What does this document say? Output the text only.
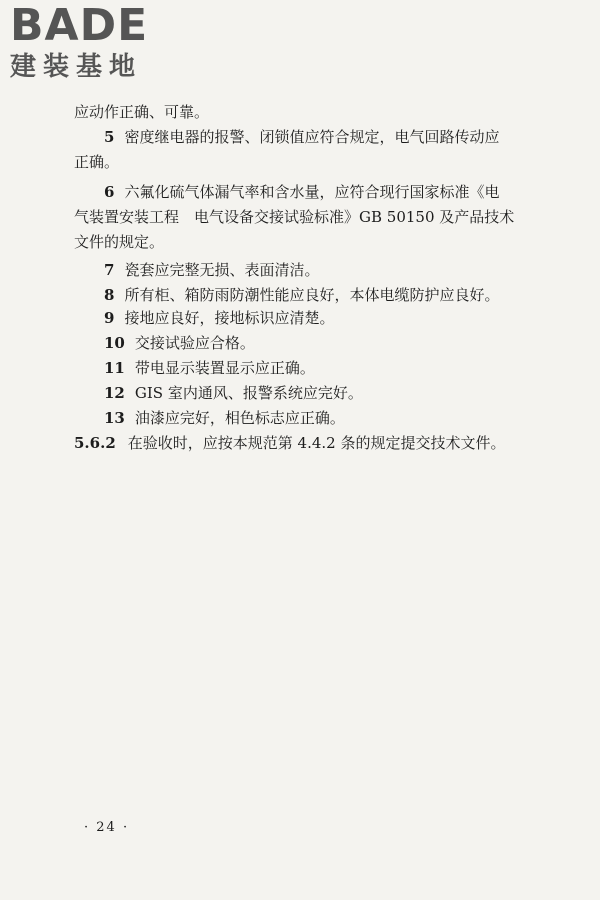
BADE
建装基地
应动作正确、可靠。
5 密度继电器的报警、闭锁值应符合规定，电气回路传动应
正确。
6 六氟化硫气体漏气率和含水量，应符合现行国家标准《电
气装置安装工程　电气设备交接试验标准》GB 50150 及产品技术
文件的规定。
7 瓷套应完整无损、表面清洁。
8 所有柜、箱防雨防潮性能应良好，本体电缆防护应良好。
9 接地应良好，接地标识应清楚。
10 交接试验应合格。
11 带电显示装置显示应正确。
12 GIS 室内通风、报警系统应完好。
13 油漆应完好，相色标志应正确。
5.6.2 在验收时，应按本规范第 4.4.2 条的规定提交技术文件。
· 24 ·
